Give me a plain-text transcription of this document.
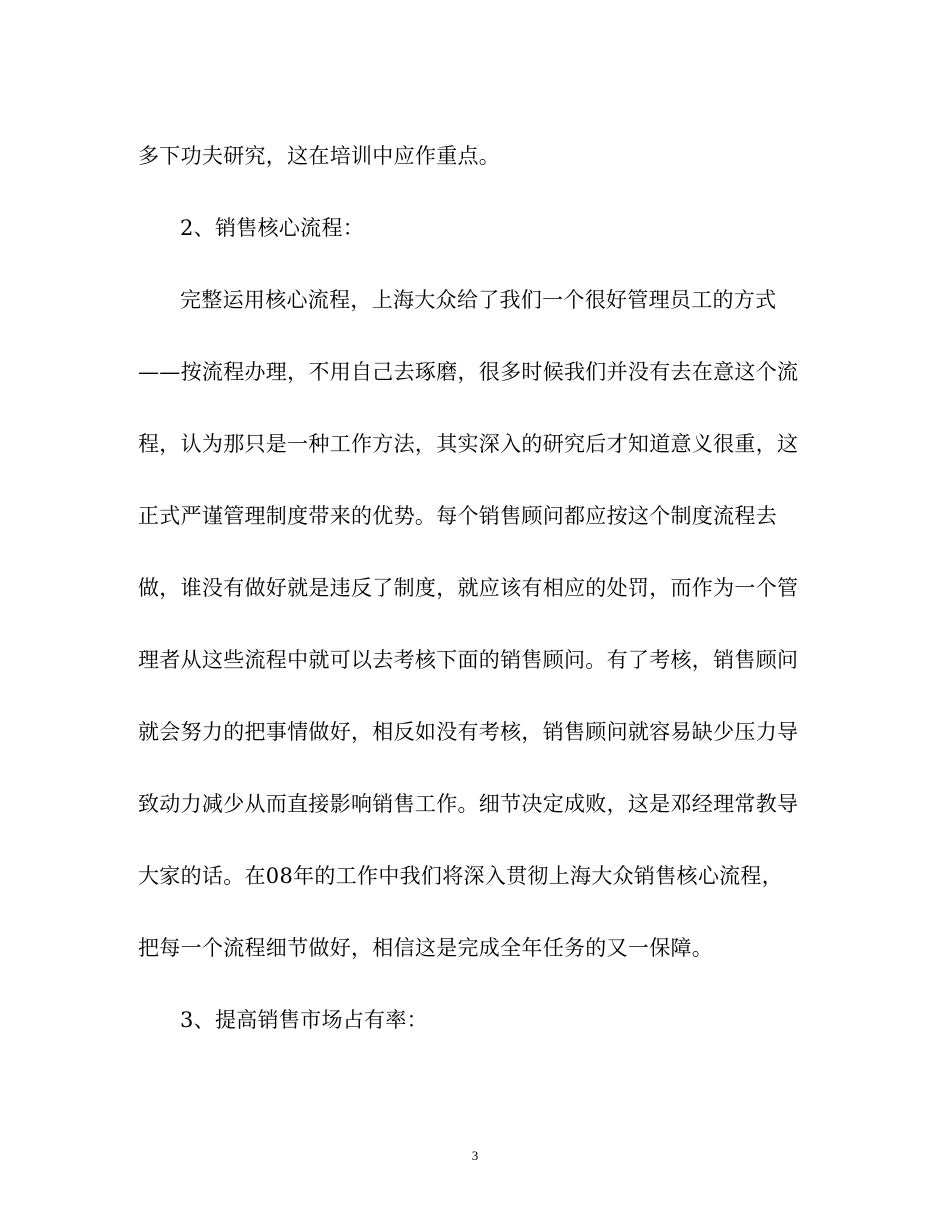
多下功夫研究，这在培训中应作重点。
2、销售核心流程：
完整运用核心流程，上海大众给了我们一个很好管理员工的方式
——按流程办理，不用自己去琢磨，很多时候我们并没有去在意这个流
程，认为那只是一种工作方法，其实深入的研究后才知道意义很重，这
正式严谨管理制度带来的优势。每个销售顾问都应按这个制度流程去
做，谁没有做好就是违反了制度，就应该有相应的处罚，而作为一个管
理者从这些流程中就可以去考核下面的销售顾问。有了考核，销售顾问
就会努力的把事情做好，相反如没有考核，销售顾问就容易缺少压力导
致动力减少从而直接影响销售工作。细节决定成败，这是邓经理常教导
大家的话。在08年的工作中我们将深入贯彻上海大众销售核心流程，
把每一个流程细节做好，相信这是完成全年任务的又一保障。
3、提高销售市场占有率：
3
